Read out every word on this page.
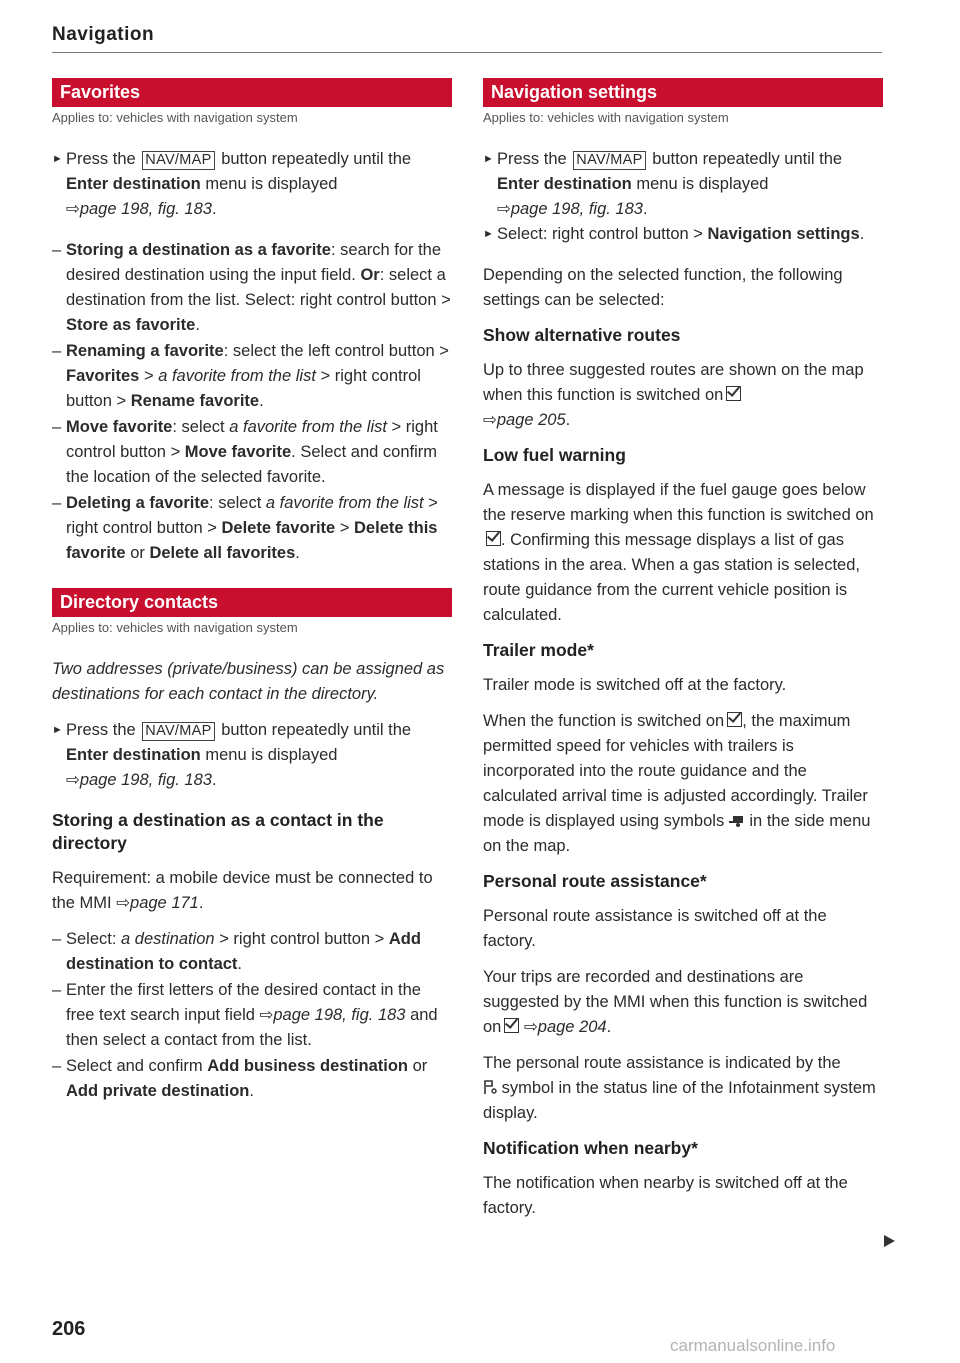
Navigation
Favorites
Applies to: vehicles with navigation system
► Press the NAV/MAP button repeatedly until the Enter destination menu is displayed
⇨page 198, fig. 183.
– Storing a destination as a favorite: search for the desired destination using the input field. Or: select a destination from the list. Select: right control button > Store as favorite.
– Renaming a favorite: select the left control button > Favorites > a favorite from the list > right control button > Rename favorite.
– Move favorite: select a favorite from the list > right control button > Move favorite. Select and confirm the location of the selected favorite.
– Deleting a favorite: select a favorite from the list > right control button > Delete favorite > Delete this favorite or Delete all favorites.
Directory contacts
Applies to: vehicles with navigation system

Two addresses (private/business) can be assigned as destinations for each contact in the directory.

► Press the NAV/MAP button repeatedly until the Enter destination menu is displayed
⇨page 198, fig. 183.
Storing a destination as a contact in the directory

Requirement: a mobile device must be connected to the MMI ⇨page 171.

– Select: a destination > right control button > Add destination to contact.
– Enter the first letters of the desired contact in the free text search input field ⇨page 198, fig. 183 and then select a contact from the list.
– Select and confirm Add business destination or Add private destination.
Navigation settings
Applies to: vehicles with navigation system
► Press the NAV/MAP button repeatedly until the Enter destination menu is displayed
⇨page 198, fig. 183.
► Select: right control button > Navigation settings.

Depending on the selected function, the following settings can be selected:

Show alternative routes

Up to three suggested routes are shown on the map when this function is switched on
⇨page 205.

Low fuel warning

A message is displayed if the fuel gauge goes below the reserve marking when this function is switched on. Confirming this message displays a list of gas stations in the area. When a gas station is selected, route guidance from the current vehicle position is calculated.

Trailer mode*

Trailer mode is switched off at the factory.

When the function is switched on , the maximum permitted speed for vehicles with trailers is incorporated into the route guidance and the calculated arrival time is adjusted accordingly. Trailer mode is displayed using symbols in the side menu on the map.

Personal route assistance*

Personal route assistance is switched off at the factory.

Your trips are recorded and destinations are suggested by the MMI when this function is switched on ⇨page 204.

The personal route assistance is indicated by the
symbol in the status line of the Infotainment system display.

Notification when nearby*

The notification when nearby is switched off at the factory.

206
carmanualsonline.info
